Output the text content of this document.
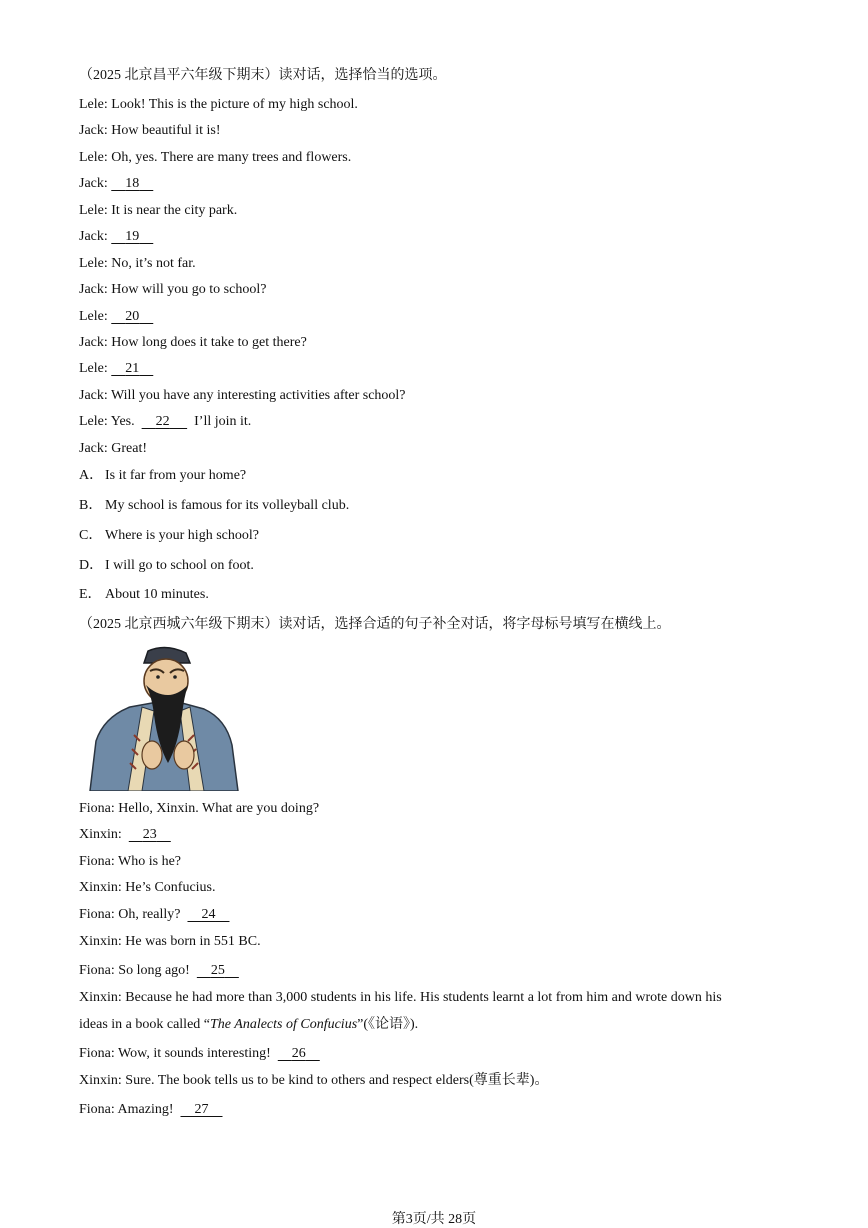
（2025 北京昌平六年级下期末）读对话，选择恰当的选项。
Lele: Look! This is the picture of my high school.
Jack: How beautiful it is!
Lele: Oh, yes. There are many trees and flowers.
Jack: 18
Lele: It is near the city park.
Jack: 19
Lele: No, it’s not far.
Jack: How will you go to school?
Lele: 20
Jack: How long does it take to get there?
Lele: 21
Jack: Will you have any interesting activities after school?
Lele: Yes. 22 I’ll join it.
Jack: Great!
A． Is it far from your home?
B． My school is famous for its volleyball club.
C． Where is your high school?
D． I will go to school on foot.
E． About 10 minutes.
（2025 北京西城六年级下期末）读对话，选择合适的句子补全对话，将字母标号填写在横线上。
Fiona: Hello, Xinxin. What are you doing?
Xinxin: 23
Fiona: Who is he?
Xinxin: He’s Confucius.
Fiona: Oh, really? 24
Xinxin: He was born in 551 BC.
Fiona: So long ago! 25
Xinxin: Because he had more than 3,000 students in his life. His students learnt a lot from him and wrote down his
ideas in a book called “The Analects of Confucius”(《论语》).
Fiona: Wow, it sounds interesting! 26
Xinxin: Sure. The book tells us to be kind to others and respect elders(尊重长辈)。
Fiona: Amazing! 27
第3页/共 28页
